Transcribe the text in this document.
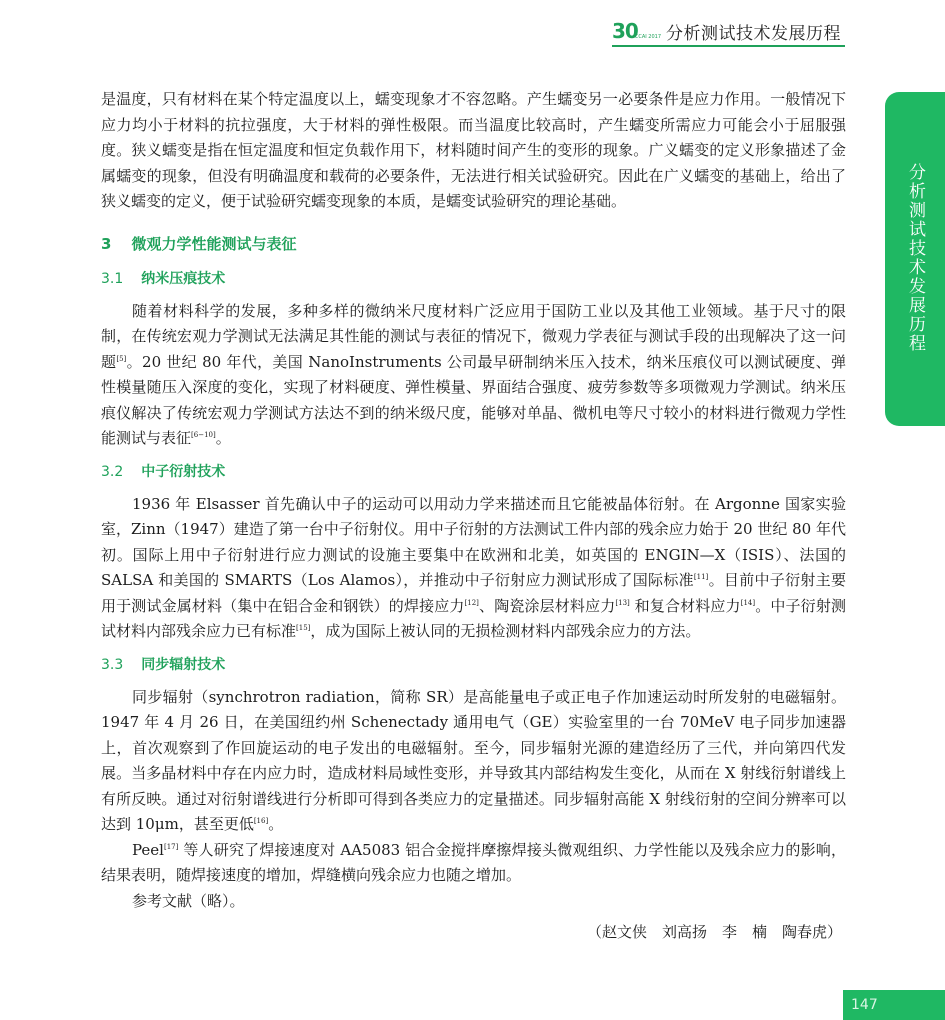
30
CCAI 2017 分析测试技术发展历程
分析测试技术发展历程

是温度，只有材料在某个特定温度以上，蠕变现象才不容忽略。产生蠕变另一必要条件是应力作用。一般情况下应力均小于材料的抗拉强度，大于材料的弹性极限。而当温度比较高时，产生蠕变所需应力可能会小于屈服强度。狭义蠕变是指在恒定温度和恒定负载作用下，材料随时间产生的变形的现象。广义蠕变的定义形象描述了金属蠕变的现象，但没有明确温度和载荷的必要条件，无法进行相关试验研究。因此在广义蠕变的基础上，给出了狭义蠕变的定义，便于试验研究蠕变现象的本质，是蠕变试验研究的理论基础。

3 微观力学性能测试与表征
3.1 纳米压痕技术

随着材料科学的发展，多种多样的微纳米尺度材料广泛应用于国防工业以及其他工业领域。基于尺寸的限制，在传统宏观力学测试无法满足其性能的测试与表征的情况下，微观力学表征与测试手段的出现解决了这一问题[5]。20 世纪 80 年代，美国 NanoInstruments 公司最早研制纳米压入技术，纳米压痕仪可以测试硬度、弹性模量随压入深度的变化，实现了材料硬度、弹性模量、界面结合强度、疲劳参数等多项微观力学测试。纳米压痕仪解决了传统宏观力学测试方法达不到的纳米级尺度，能够对单晶、微机电等尺寸较小的材料进行微观力学性能测试与表征[6−10]。

3.2 中子衍射技术

1936 年 Elsasser 首先确认中子的运动可以用动力学来描述而且它能被晶体衍射。在 Argonne 国家实验室，Zinn（1947）建造了第一台中子衍射仪。用中子衍射的方法测试工件内部的残余应力始于 20 世纪 80 年代初。国际上用中子衍射进行应力测试的设施主要集中在欧洲和北美，如英国的 ENGIN—X（ISIS）、法国的 SALSA 和美国的 SMARTS（Los Alamos），并推动中子衍射应力测试形成了国际标准[11]。目前中子衍射主要用于测试金属材料（集中在铝合金和钢铁）的焊接应力[12]、陶瓷涂层材料应力[13] 和复合材料应力[14]。中子衍射测试材料内部残余应力已有标准[15]，成为国际上被认同的无损检测材料内部残余应力的方法。

3.3 同步辐射技术

同步辐射（synchrotron radiation，简称 SR）是高能量电子或正电子作加速运动时所发射的电磁辐射。1947 年 4 月 26 日，在美国纽约州 Schenectady 通用电气（GE）实验室里的一台 70MeV 电子同步加速器上，首次观察到了作回旋运动的电子发出的电磁辐射。至今，同步辐射光源的建造经历了三代，并向第四代发展。当多晶材料中存在内应力时，造成材料局域性变形，并导致其内部结构发生变化，从而在 X 射线衍射谱线上有所反映。通过对衍射谱线进行分析即可得到各类应力的定量描述。同步辐射高能 X 射线衍射的空间分辨率可以达到 10μm，甚至更低[16]。

Peel[17] 等人研究了焊接速度对 AA5083 铝合金搅拌摩擦焊接头微观组织、力学性能以及残余应力的影响，结果表明，随焊接速度的增加，焊缝横向残余应力也随之增加。

参考文献（略）。

（赵文侠　刘高扬　李　楠　陶春虎）
147
